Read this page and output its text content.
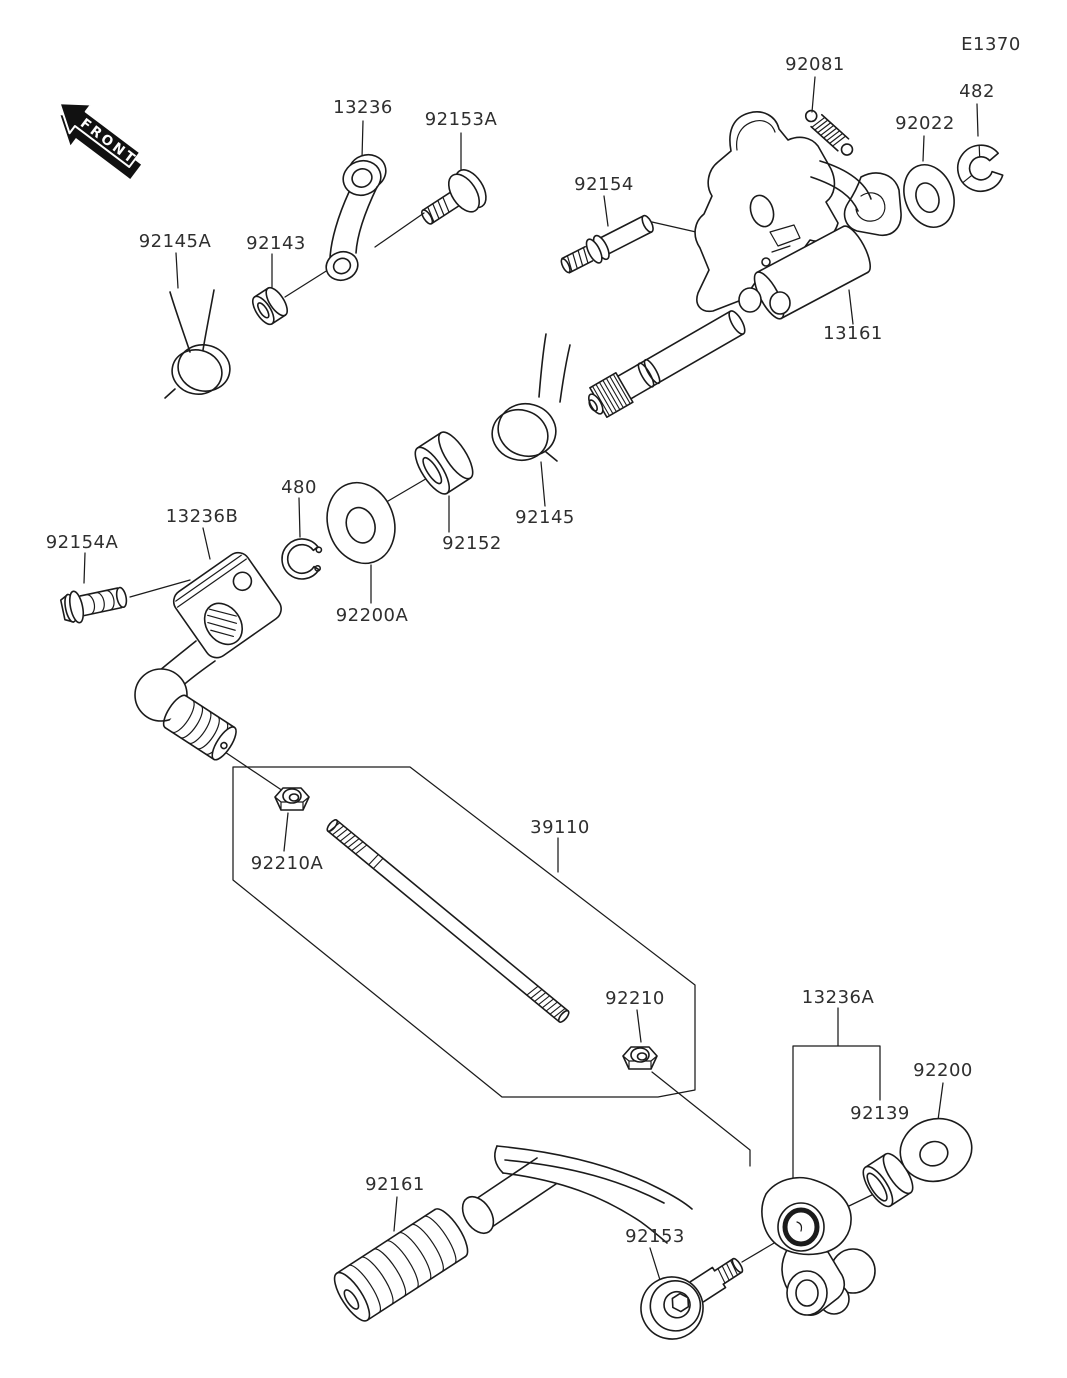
FRONT
E1370
13236
92153A
92081
482
92022
92154
13161
92145A 92143
480
13236B
92154A
92200A
92152
92145
92210A
39110
92210	13236A
92200
92139
92161
92153
